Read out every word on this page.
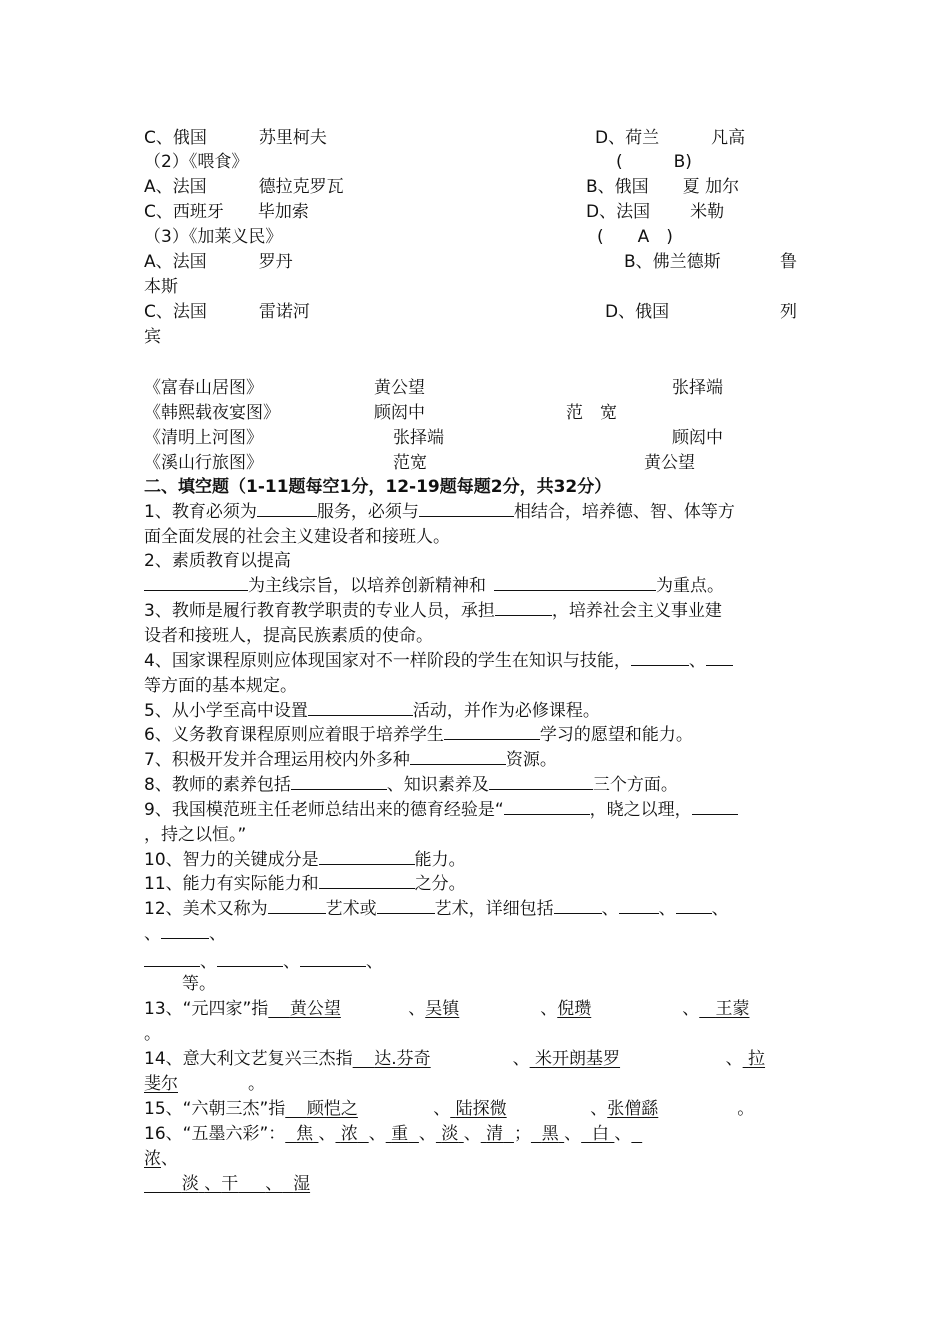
C、俄国	苏里柯夫	D、荷兰	凡高
（2）《喂食》	(　　　B)
A、法国	德拉克罗瓦	B、俄国 夏 加尔
C、西班牙 毕加索	D、法国 米勒
（3）《加莱义民》	(　　A　)
A、法国	罗丹	B、佛兰德斯	鲁
本斯
C、法国	雷诺河	D、俄国	列
宾
《富春山居图》	黄公望	张择端
《韩熙载夜宴图》	顾闳中	范　宽
《清明上河图》	张择端	顾闳中
《溪山行旅图》	范宽	黄公望
二、填空题（1-11题每空1分，12-19题每题2分，共32分）
1、教育必须为	服务，必须与	相结合，培养德、智、体等方
面全面发展的社会主义建设者和接班人。
2、素质教育以提高
为主线宗旨，以培养创新精神和	为重点。
3、教师是履行教育教学职责的专业人员，承担	，培养社会主义事业建
设者和接班人，提高民族素质的使命。
4、国家课程原则应体现国家对不一样阶段的学生在知识与技能，	、
等方面的基本规定。
5、从小学至高中设置	活动，并作为必修课程。
6、义务教育课程原则应着眼于培养学生	学习的愿望和能力。
7、积极开发并合理运用校内外多种	资源。
8、教师的素养包括	、知识素养及	三个方面。
9、我国模范班主任老师总结出来的德育经验是“	，晓之以理，
，持之以恒。”
10、智力的关键成分是	能力。
11、能力有实际能力和	之分。
12、美术又称为	艺术或	艺术，详细包括	、 、 、
、	、
、	、	、
等。
13、“元四家”指 黄公望	、吴镇	、倪瓒	、 王蒙
。
14、意大利文艺复兴三杰指 达.芬奇	、 米开朗基罗	、 拉
斐尔	。
15、“六朝三杰”指 顾恺之	、 陆探微	、张僧繇	。
16、“五墨六彩”： 焦 、 浓 、 重 、 淡 、 清 ； 黑 、 白 、
浓、
淡 、干 、 湿
